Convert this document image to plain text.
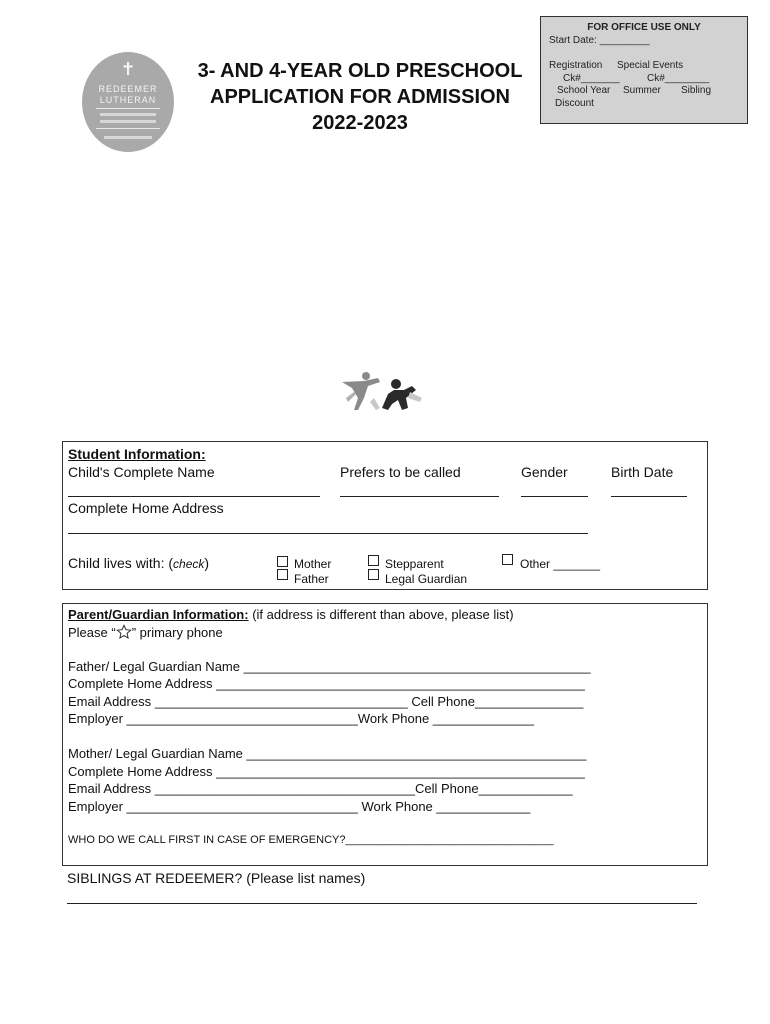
✝
REDEEMER
LUTHERAN
3- AND 4-YEAR OLD PRESCHOOL
APPLICATION FOR ADMISSION
2022-2023
FOR OFFICE USE ONLY
Start Date: _________
Registration Special Events
Ck#_______	Ck#________
School Year Summer Sibling
Discount
Student Information:
Child's Complete Name	Prefers to be called	Gender	Birth Date
Complete Home Address
Child lives with: (check)	Mother
Father
Stepparent
Legal Guardian
Other _______
Parent/Guardian Information: (if address is different than above, please list)
Please “ ” primary phone
Father/ Legal Guardian Name ________________________________________________
Complete Home Address ___________________________________________________
Email Address ___________________________________ Cell Phone_______________
Employer ________________________________Work Phone ______________
Mother/ Legal Guardian Name _______________________________________________
Complete Home Address ___________________________________________________
Email Address ____________________________________Cell Phone_____________
Employer ________________________________ Work Phone _____________
WHO DO WE CALL FIRST IN CASE OF EMERGENCY?__________________________________
SIBLINGS AT REDEEMER? (Please list names)
